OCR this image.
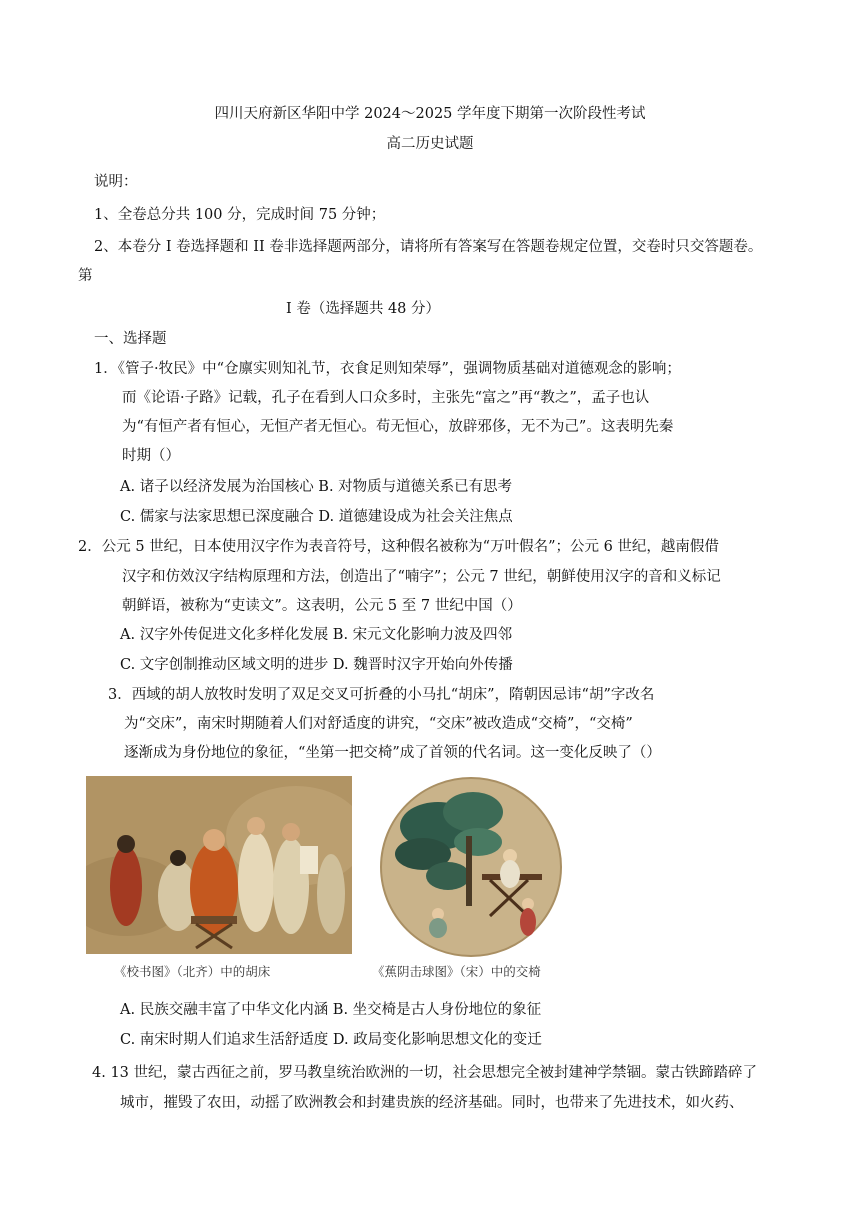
四川天府新区华阳中学 2024～2025 学年度下期第一次阶段性考试
高二历史试题
说明：
1、全卷总分共 100 分，完成时间 75 分钟；
2、本卷分 I 卷选择题和 II 卷非选择题两部分，请将所有答案写在答题卷规定位置，交卷时只交答题卷。
第
I 卷（选择题共 48 分）
一、选择题
1．《管子·牧民》中“仓廪实则知礼节，衣食足则知荣辱”，强调物质基础对道德观念的影响；
而《论语·子路》记载，孔子在看到人口众多时，主张先“富之”再“教之”，孟子也认
为“有恒产者有恒心，无恒产者无恒心。苟无恒心，放辟邪侈，无不为己”。这表明先秦
时期（）
A. 诸子以经济发展为治国核心 B. 对物质与道德关系已有思考
C. 儒家与法家思想已深度融合 D. 道德建设成为社会关注焦点
2．公元 5 世纪，日本使用汉字作为表音符号，这种假名被称为“万叶假名”；公元 6 世纪，越南假借
汉字和仿效汉字结构原理和方法，创造出了“喃字”；公元 7 世纪，朝鲜使用汉字的音和义标记
朝鲜语，被称为“吏读文”。这表明，公元 5 至 7 世纪中国（）
A. 汉字外传促进文化多样化发展 B. 宋元文化影响力波及四邻
C. 文字创制推动区域文明的进步 D. 魏晋时汉字开始向外传播
3．西域的胡人放牧时发明了双足交叉可折叠的小马扎“胡床”，隋朝因忌讳“胡”字改名
为“交床”，南宋时期随着人们对舒适度的讲究，“交床”被改造成“交椅”，“交椅”
逐渐成为身份地位的象征，“坐第一把交椅”成了首领的代名词。这一变化反映了（）
《校书图》（北齐）中的胡床	《蕉阴击球图》（宋）中的交椅
A. 民族交融丰富了中华文化内涵 B. 坐交椅是古人身份地位的象征
C. 南宋时期人们追求生活舒适度 D. 政局变化影响思想文化的变迁
4. 13 世纪，蒙古西征之前，罗马教皇统治欧洲的一切，社会思想完全被封建神学禁锢。蒙古铁蹄踏碎了
城市，摧毁了农田，动摇了欧洲教会和封建贵族的经济基础。同时，也带来了先进技术，如火药、
